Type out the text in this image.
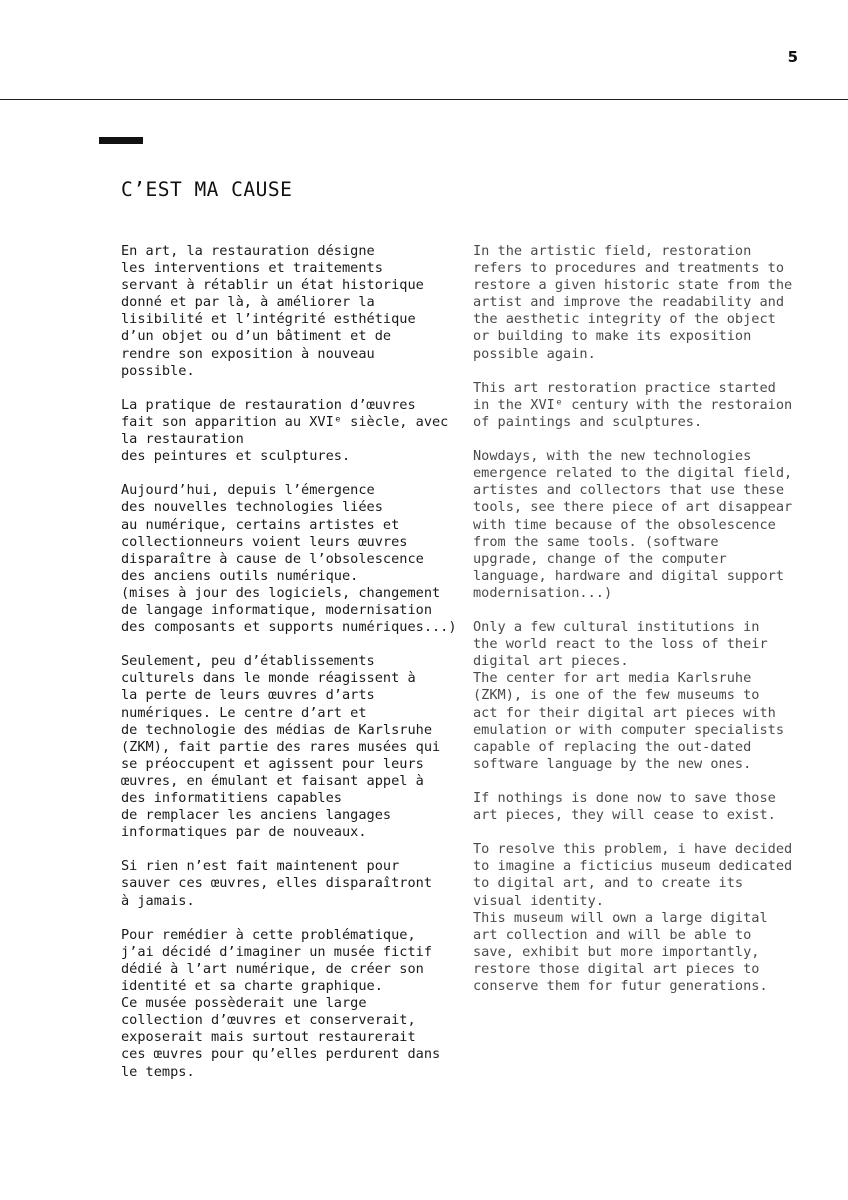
5
C’EST MA CAUSE

En art, la restauration désigne
les interventions et traitements
servant à rétablir un état historique
donné et par là, à améliorer la
lisibilité et l’intégrité esthétique
d’un objet ou d’un bâtiment et de
rendre son exposition à nouveau
possible.

La pratique de restauration d’œuvres
fait son apparition au XVIᵉ siècle, avec
la restauration
des peintures et sculptures.

Aujourd’hui, depuis l’émergence
des nouvelles technologies liées
au numérique, certains artistes et
collectionneurs voient leurs œuvres
disparaître à cause de l’obsolescence
des anciens outils numérique.
(mises à jour des logiciels, changement
de langage informatique, modernisation
des composants et supports numériques...)

Seulement, peu d’établissements
culturels dans le monde réagissent à
la perte de leurs œuvres d’arts
numériques. Le centre d’art et
de technologie des médias de Karlsruhe
(ZKM), fait partie des rares musées qui
se préoccupent et agissent pour leurs
œuvres, en émulant et faisant appel à
des informatitiens capables
de remplacer les anciens langages
informatiques par de nouveaux.

Si rien n’est fait maintenent pour
sauver ces œuvres, elles disparaîtront
à jamais.

Pour remédier à cette problématique,
j’ai décidé d’imaginer un musée fictif
dédié à l’art numérique, de créer son
identité et sa charte graphique.
Ce musée possèderait une large
collection d’œuvres et conserverait,
exposerait mais surtout restaurerait
ces œuvres pour qu’elles perdurent dans
le temps.

In the artistic field, restoration
refers to procedures and treatments to
restore a given historic state from the
artist and improve the readability and
the aesthetic integrity of the object
or building to make its exposition
possible again.

This art restoration practice started
in the XVIᵉ century with the restoraion
of paintings and sculptures.

Nowdays, with the new technologies
emergence related to the digital field,
artistes and collectors that use these
tools, see there piece of art disappear
with time because of the obsolescence
from the same tools. (software
upgrade, change of the computer
language, hardware and digital support
modernisation...)

Only a few cultural institutions in
the world react to the loss of their
digital art pieces.
The center for art media Karlsruhe
(ZKM), is one of the few museums to
act for their digital art pieces with
emulation or with computer specialists
capable of replacing the out-dated
software language by the new ones.

If nothings is done now to save those
art pieces, they will cease to exist.

To resolve this problem, i have decided
to imagine a ficticius museum dedicated
to digital art, and to create its
visual identity.
This museum will own a large digital
art collection and will be able to
save, exhibit but more importantly,
restore those digital art pieces to
conserve them for futur generations.
